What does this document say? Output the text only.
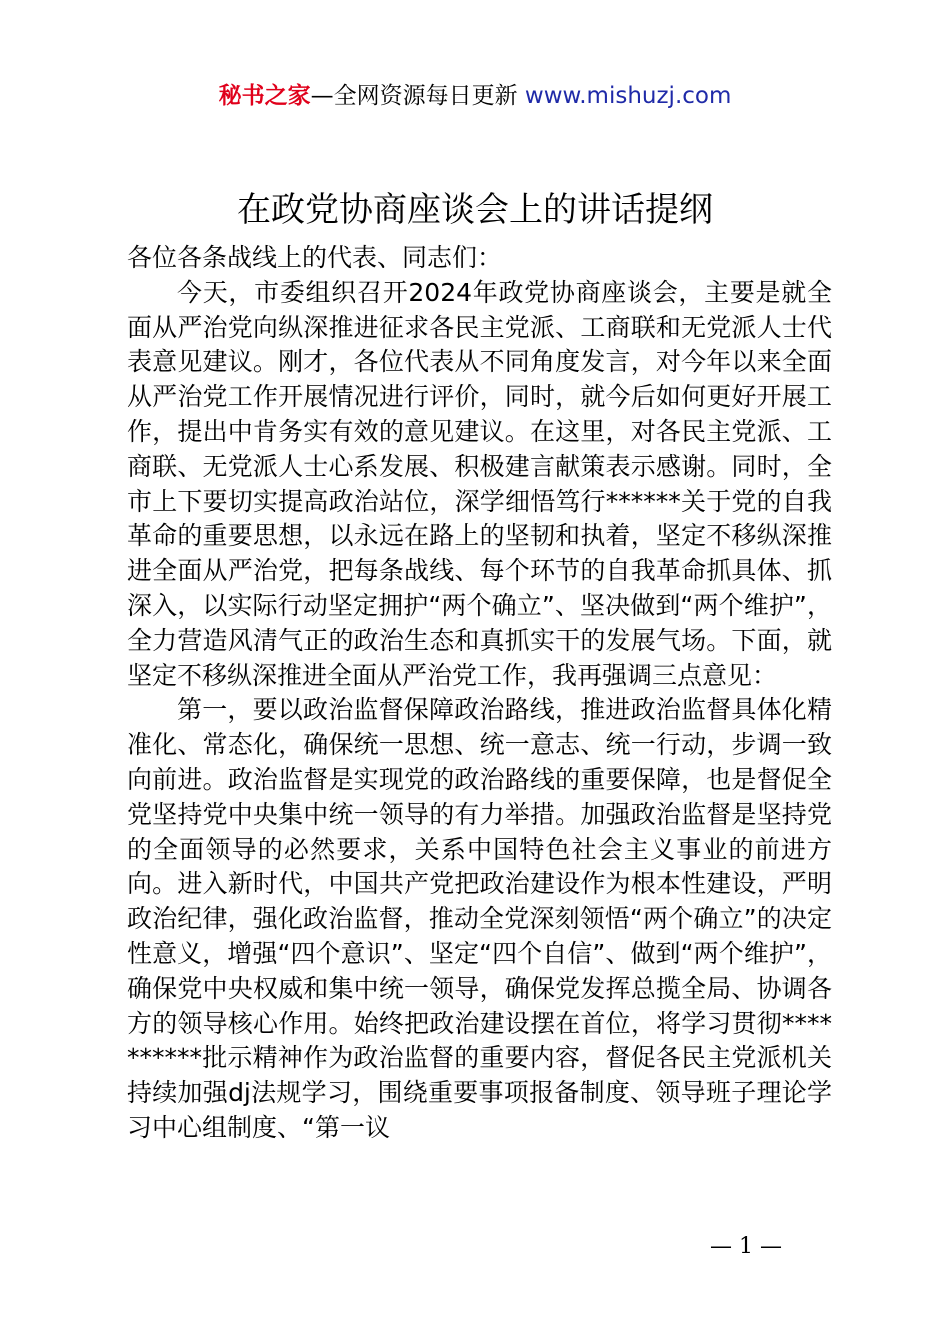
秘书之家—全网资源每日更新 www.mishuzj.com
在政党协商座谈会上的讲话提纲

各位各条战线上的代表、同志们：

今天，市委组织召开2024年政党协商座谈会，主要是就全面从严治党向纵深推进征求各民主党派、工商联和无党派人士代表意见建议。刚才，各位代表从不同角度发言，对今年以来全面从严治党工作开展情况进行评价，同时，就今后如何更好开展工作，提出中肯务实有效的意见建议。在这里，对各民主党派、工商联、无党派人士心系发展、积极建言献策表示感谢。同时，全市上下要切实提高政治站位，深学细悟笃行******关于党的自我革命的重要思想，以永远在路上的坚韧和执着，坚定不移纵深推进全面从严治党，把每条战线、每个环节的自我革命抓具体、抓深入，以实际行动坚定拥护“两个确立”、坚决做到“两个维护”，全力营造风清气正的政治生态和真抓实干的发展气场。下面，就坚定不移纵深推进全面从严治党工作，我再强调三点意见：

第一，要以政治监督保障政治路线，推进政治监督具体化精准化、常态化，确保统一思想、统一意志、统一行动，步调一致向前进。政治监督是实现党的政治路线的重要保障，也是督促全党坚持党中央集中统一领导的有力举措。加强政治监督是坚持党的全面领导的必然要求，关系中国特色社会主义事业的前进方向。进入新时代，中国共产党把政治建设作为根本性建设，严明政治纪律，强化政治监督，推动全党深刻领悟“两个确立”的决定性意义，增强“四个意识”、坚定“四个自信”、做到“两个维护”，确保党中央权威和集中统一领导，确保党发挥总揽全局、协调各方的领导核心作用。始终把政治建设摆在首位，将学习贯彻**********批示精神作为政治监督的重要内容，督促各民主党派机关持续加强dj法规学习，围绕重要事项报备制度、领导班子理论学习中心组制度、“第一议

— 1 —
